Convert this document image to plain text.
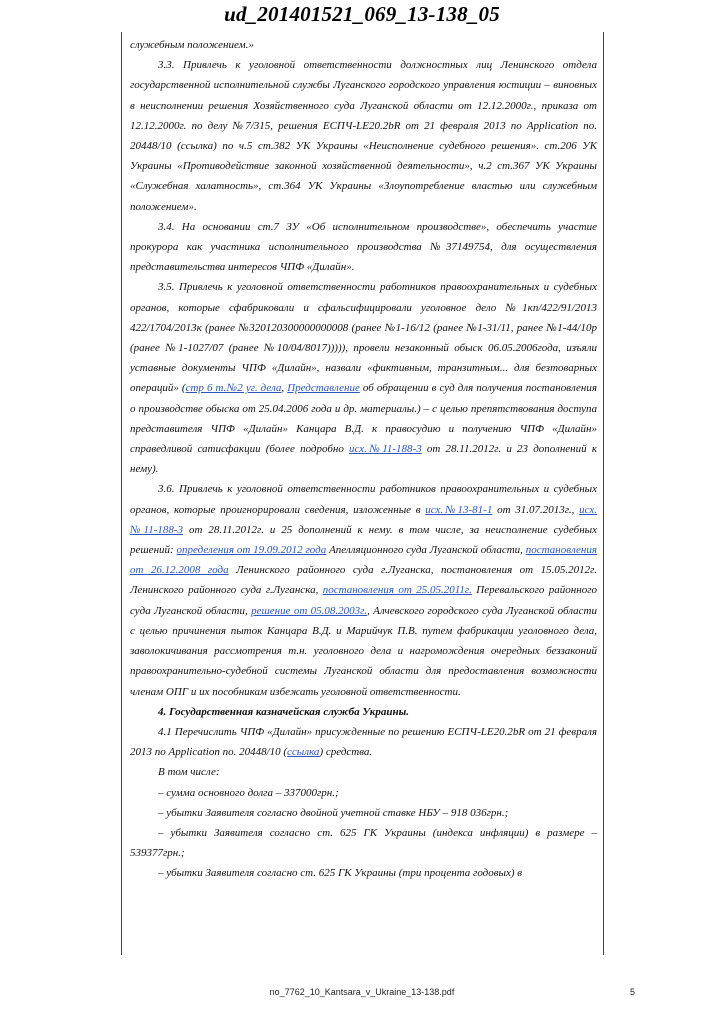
ud_201401521_069_13-138_05

служебным положением.»

3.3. Привлечь к уголовной ответственности должностных лиц Ленинского отдела государственной исполнительной службы Луганского городского управления юстиции – виновных в неисполнении решения Хозяйственного суда Луганской области от 12.12.2000г., приказа от 12.12.2000г. по делу №7/315, решения ЕСПЧ-LE20.2bR от 21 февраля 2013 по Application no. 20448/10 (ссылка) по ч.5 ст.382 УК Украины «Неисполнение судебного решения». ст.206 УК Украины «Противодействие законной хозяйственной деятельности», ч.2 ст.367 УК Украины «Служебная халатность», ст.364 УК Украины «Злоупотребление властью или служебным положением».

3.4. На основании ст.7 ЗУ «Об исполнительном производстве», обеспечить участие прокурора как участника исполнительного производства №37149754, для осуществления представительства интересов ЧПФ «Дилайн».

3.5. Привлечь к уголовной ответственности работников правоохранительных и судебных органов, которые сфабриковали и сфальсифицировали уголовное дело №1кп/422/91/2013 422/1704/2013к (ранее №320120300000000008 (ранее №1-16/12 (ранее №1-31/11, ранее №1-44/10р (ранее №1-1027/07 (ранее №10/04/8017))))), провели незаконный обыск 06.05.2006года, изъяли уставные документы ЧПФ «Дилайн», назвали «фиктивным, транзитным... для безтоварных операций» (стр 6 т.№2 уг. дела, Представление об обращении в суд для получения постановления о производстве обыска от 25.04.2006 года и др. материалы.) – с целью препятствования доступа представителя ЧПФ «Дилайн» Канцара В.Д. к правосудию и получению ЧПФ «Дилайн» справедливой сатисфакции (более подробно исх.№11-188-3 от 28.11.2012г. и 23 дополнений к нему).

3.6. Привлечь к уголовной ответственности работников правоохранительных и судебных органов, которые проигнорировали сведения, изложенные в исх.№13-81-1 от 31.07.2013г., исх.№11-188-3 от 28.11.2012г. и 25 дополнений к нему. в том числе, за неисполнение судебных решений: определения от 19.09.2012 года Апелляционного суда Луганской области, постановления от 26.12.2008 года Ленинского районного суда г.Луганска, постановления от 15.05.2012г. Ленинского районного суда г.Луганска, постановления от 25.05.2011г. Перевальского районного суда Луганской области, решение от 05.08.2003г., Алчевского городского суда Луганской области с целью причинения пыток Канцара В.Д. и Марийчук П.В. путем фабрикации уголовного дела, заволокичивания рассмотрения т.н. уголовного дела и нагромождения очередных беззаконий правоохранительно-судебной системы Луганской области для предоставления возможности членам ОПГ и их пособникам избежать уголовной ответственности.

4. Государственная казначейская служба Украины.

4.1 Перечислить ЧПФ «Дилайн» присужденные по решению ЕСПЧ-LE20.2bR от 21 февраля 2013 по Application no. 20448/10 (ссылка) средства.

В том числе:

– сумма основного долга – 337000грн.;

– убытки Заявителя согласно двойной учетной ставке НБУ – 918 036грн.;

– убытки Заявителя согласно ст. 625 ГК Украины (индекса инфляции) в размере – 539377грн.;

– убытки Заявителя согласно ст. 625 ГК Украины (три процента годовых) в

no_7762_10_Kantsara_v_Ukraine_13-138.pdf	5
